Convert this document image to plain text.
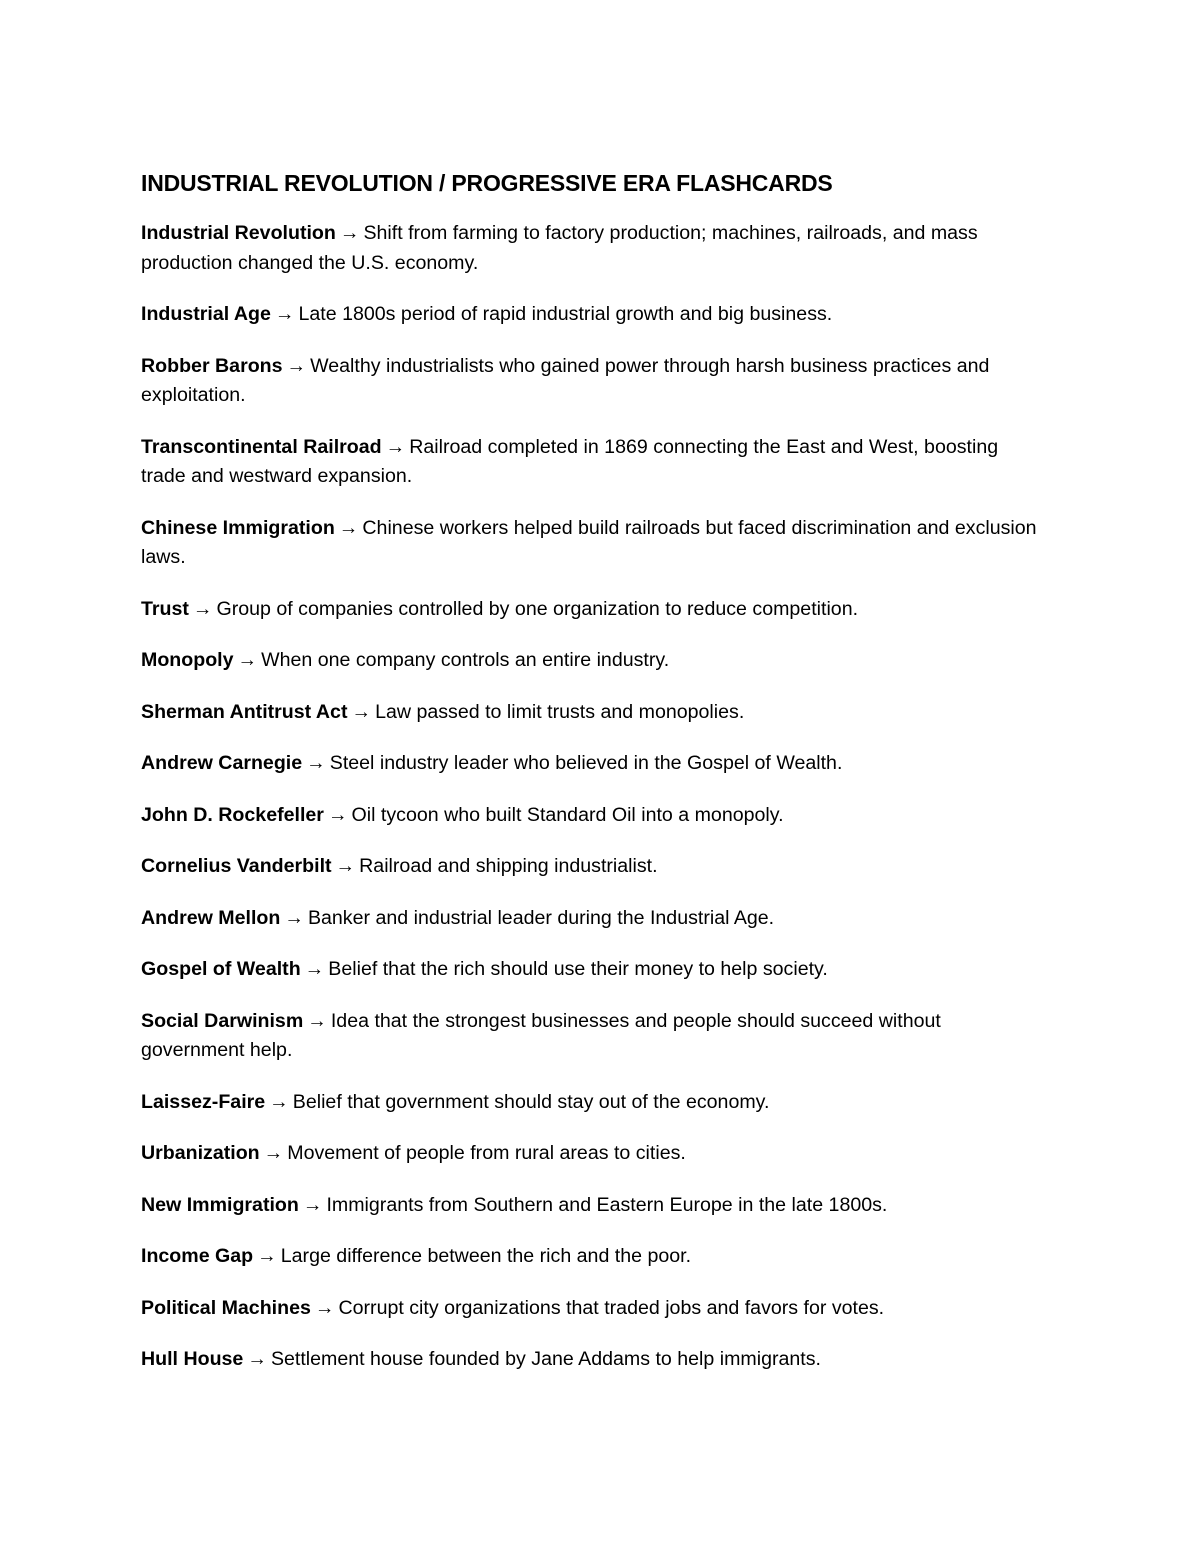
INDUSTRIAL REVOLUTION / PROGRESSIVE ERA FLASHCARDS

Industrial Revolution → Shift from farming to factory production; machines, railroads, and mass production changed the U.S. economy.

Industrial Age → Late 1800s period of rapid industrial growth and big business.

Robber Barons → Wealthy industrialists who gained power through harsh business practices and exploitation.

Transcontinental Railroad → Railroad completed in 1869 connecting the East and West, boosting trade and westward expansion.

Chinese Immigration → Chinese workers helped build railroads but faced discrimination and exclusion laws.

Trust → Group of companies controlled by one organization to reduce competition.

Monopoly → When one company controls an entire industry.

Sherman Antitrust Act → Law passed to limit trusts and monopolies.

Andrew Carnegie → Steel industry leader who believed in the Gospel of Wealth.

John D. Rockefeller → Oil tycoon who built Standard Oil into a monopoly.

Cornelius Vanderbilt → Railroad and shipping industrialist.

Andrew Mellon → Banker and industrial leader during the Industrial Age.

Gospel of Wealth → Belief that the rich should use their money to help society.

Social Darwinism → Idea that the strongest businesses and people should succeed without government help.

Laissez-Faire → Belief that government should stay out of the economy.

Urbanization → Movement of people from rural areas to cities.

New Immigration → Immigrants from Southern and Eastern Europe in the late 1800s.

Income Gap → Large difference between the rich and the poor.

Political Machines → Corrupt city organizations that traded jobs and favors for votes.

Hull House → Settlement house founded by Jane Addams to help immigrants.
